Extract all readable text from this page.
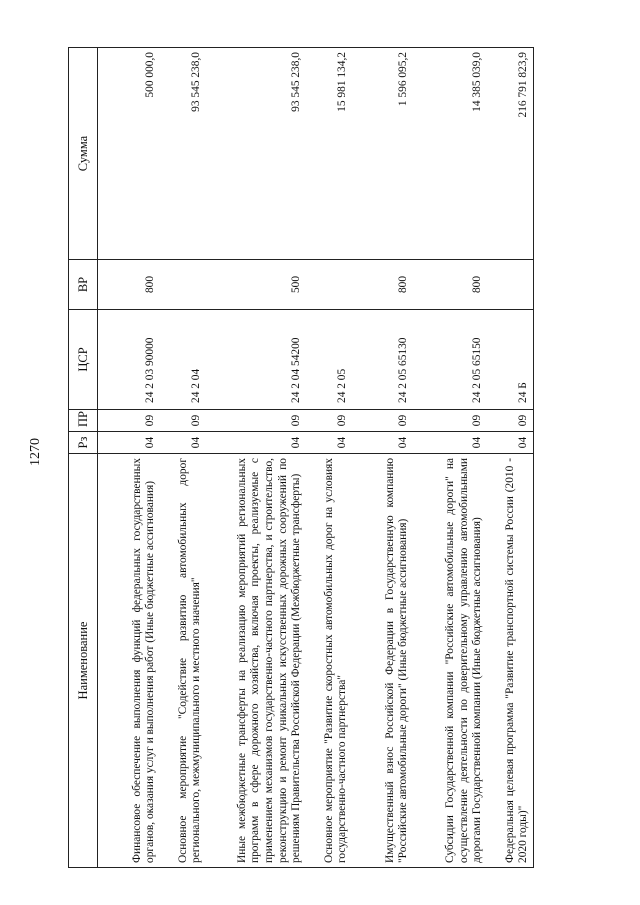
1270
Наименование	Рз	ПР	ЦСР	ВР	Сумма
Финансовое обеспечение выполнения функций федеральных государственных органов, оказания услуг и выполнения работ (Иные бюджетные ассигнования)	04	09	24 2 03 90000	800	500 000,0
Основное мероприятие "Содействие развитию автомобильных дорог регионального, межмуниципального и местного значения"	04	09	24 2 04		93 545 238,0
Иные межбюджетные трансферты на реализацию мероприятий региональных программ в сфере дорожного хозяйства, включая проекты, реализуемые с применением механизмов государственно-частного партнерства, и строительство, реконструкцию и ремонт уникальных искусственных дорожных сооружений по решениям Правительства Российской Федерации (Межбюджетные трансферты)	04	09	24 2 04 54200	500	93 545 238,0
Основное мероприятие "Развитие скоростных автомобильных дорог на условиях государственно-частного партнерства"	04	09	24 2 05		15 981 134,2
Имущественный взнос Российской Федерации в Государственную компанию "Российские автомобильные дороги" (Иные бюджетные ассигнования)	04	09	24 2 05 65130	800	1 596 095,2
Субсидии Государственной компании "Российские автомобильные дороги" на осуществление деятельности по доверительному управлению автомобильными дорогами Государственной компании (Иные бюджетные ассигнования)	04	09	24 2 05 65150	800	14 385 039,0
Федеральная целевая программа "Развитие транспортной системы России (2010 - 2020 годы)"	04	09	24 Б		216 791 823,9
